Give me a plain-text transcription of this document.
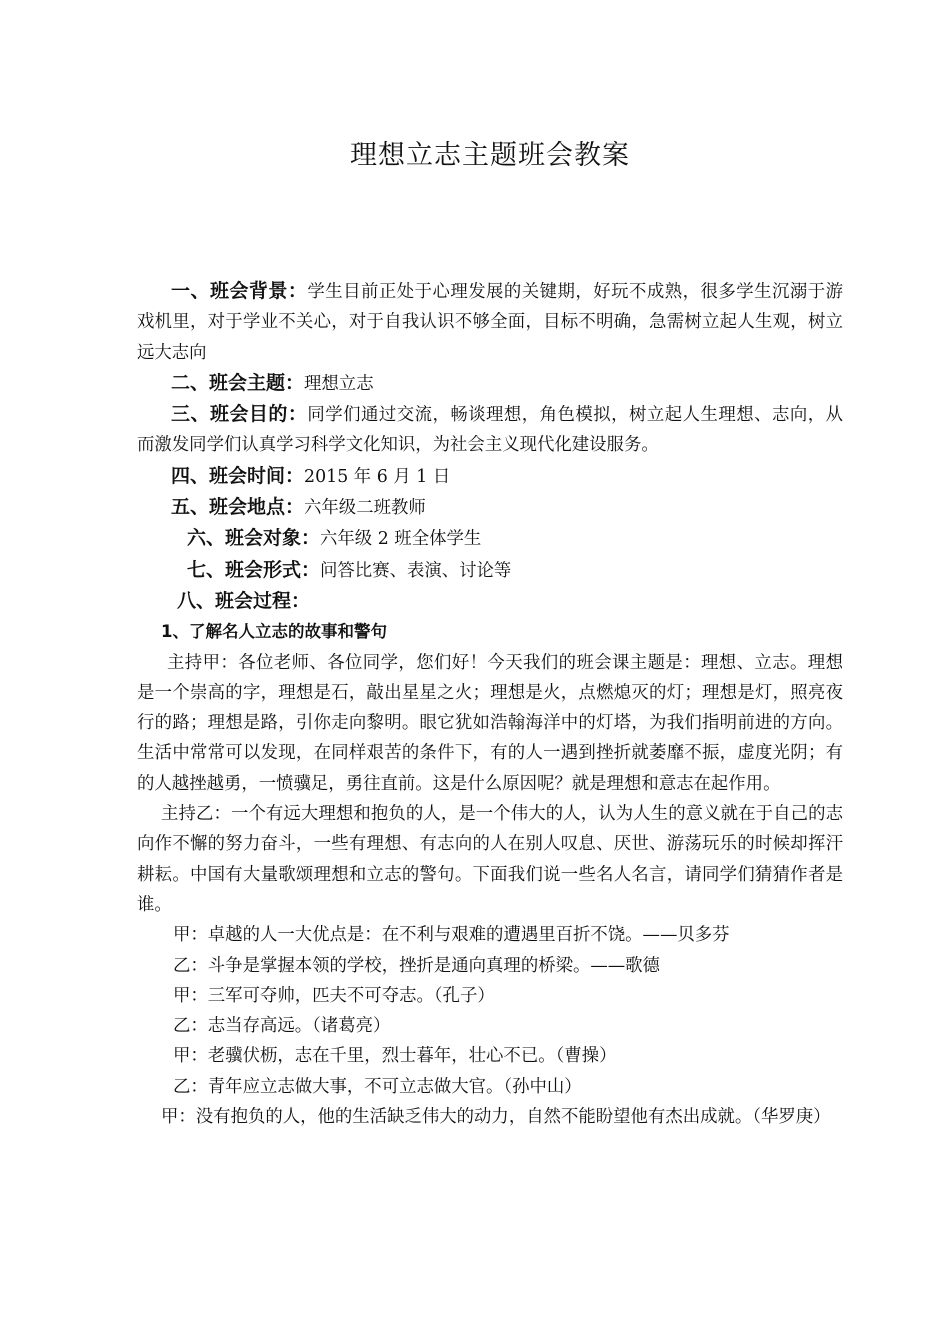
理想立志主题班会教案

一、班会背景：学生目前正处于心理发展的关键期，好玩不成熟，很多学生沉溺于游戏机里，对于学业不关心，对于自我认识不够全面，目标不明确，急需树立起人生观，树立远大志向

二、班会主题：理想立志

三、班会目的：同学们通过交流，畅谈理想，角色模拟，树立起人生理想、志向，从而激发同学们认真学习科学文化知识，为社会主义现代化建设服务。

四、班会时间：2015 年 6 月 1 日

五、班会地点：六年级二班教师

六、班会对象：六年级 2 班全体学生

七、班会形式：问答比赛、表演、讨论等

八、班会过程：

1、了解名人立志的故事和警句

主持甲：各位老师、各位同学，您们好！今天我们的班会课主题是：理想、立志。理想是一个崇高的字，理想是石，敲出星星之火；理想是火，点燃熄灭的灯；理想是灯，照亮夜行的路；理想是路，引你走向黎明。眼它犹如浩翰海洋中的灯塔，为我们指明前进的方向。生活中常常可以发现，在同样艰苦的条件下，有的人一遇到挫折就萎靡不振，虚度光阴；有的人越挫越勇，一愤骥足，勇往直前。这是什么原因呢？就是理想和意志在起作用。

主持乙：一个有远大理想和抱负的人，是一个伟大的人，认为人生的意义就在于自己的志向作不懈的努力奋斗，一些有理想、有志向的人在别人叹息、厌世、游荡玩乐的时候却挥汗耕耘。中国有大量歌颂理想和立志的警句。下面我们说一些名人名言，请同学们猜猜作者是谁。

甲：卓越的人一大优点是：在不利与艰难的遭遇里百折不饶。——贝多芬

乙：斗争是掌握本领的学校，挫折是通向真理的桥梁。——歌德

甲：三军可夺帅，匹夫不可夺志。（孔子）

乙：志当存高远。（诸葛亮）

甲：老骥伏枥，志在千里，烈士暮年，壮心不已。（曹操）

乙：青年应立志做大事，不可立志做大官。（孙中山）

甲：没有抱负的人，他的生活缺乏伟大的动力，自然不能盼望他有杰出成就。（华罗庚）
